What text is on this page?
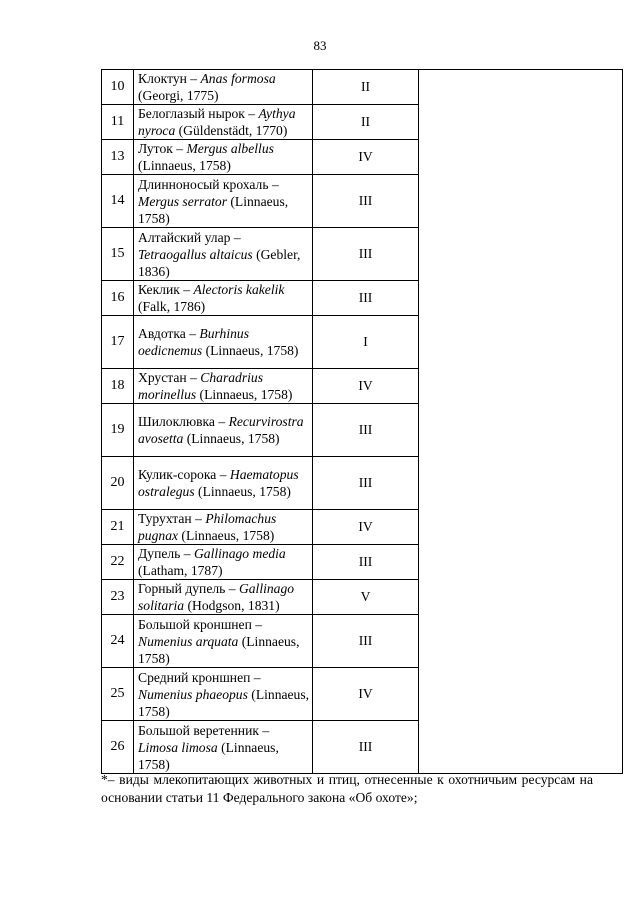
83
10	Клоктун – Anas formosa (Georgi, 1775)	II	
11	Белоглазый нырок – Aythya nyroca (Güldenstädt, 1770)	II	
13	Луток – Mergus albellus (Linnaeus, 1758)	IV	
14	Длинноносый крохаль – Mergus serrator (Linnaeus, 1758)	III	
15	Алтайский улар – Tetraogallus altaicus (Gebler, 1836)	III	
16	Кеклик – Alectoris kakelik (Falk, 1786)	III	
17	Авдотка – Burhinus oedicnemus (Linnaeus, 1758)	I	
18	Хрустан – Charadrius morinellus (Linnaeus, 1758)	IV	
19	Шилоклювка – Recurvirostra avosetta (Linnaeus, 1758)	III	
20	Кулик-сорока – Haematopus ostralegus (Linnaeus, 1758)	III	
21	Турухтан – Philomachus pugnax (Linnaeus, 1758)	IV	
22	Дупель – Gallinago media (Latham, 1787)	III	
23	Горный дупель – Gallinago solitaria (Hodgson, 1831)	V	
24	Большой кроншнеп – Numenius arquata (Linnaeus, 1758)	III	
25	Средний кроншнеп – Numenius phaeopus (Linnaeus, 1758)	IV	
26	Большой веретенник – Limosa limosa (Linnaeus, 1758)	III	
*– виды млекопитающих животных и птиц, отнесенные к охотничьим ресурсам на основании статьи 11 Федерального закона «Об охоте»;
